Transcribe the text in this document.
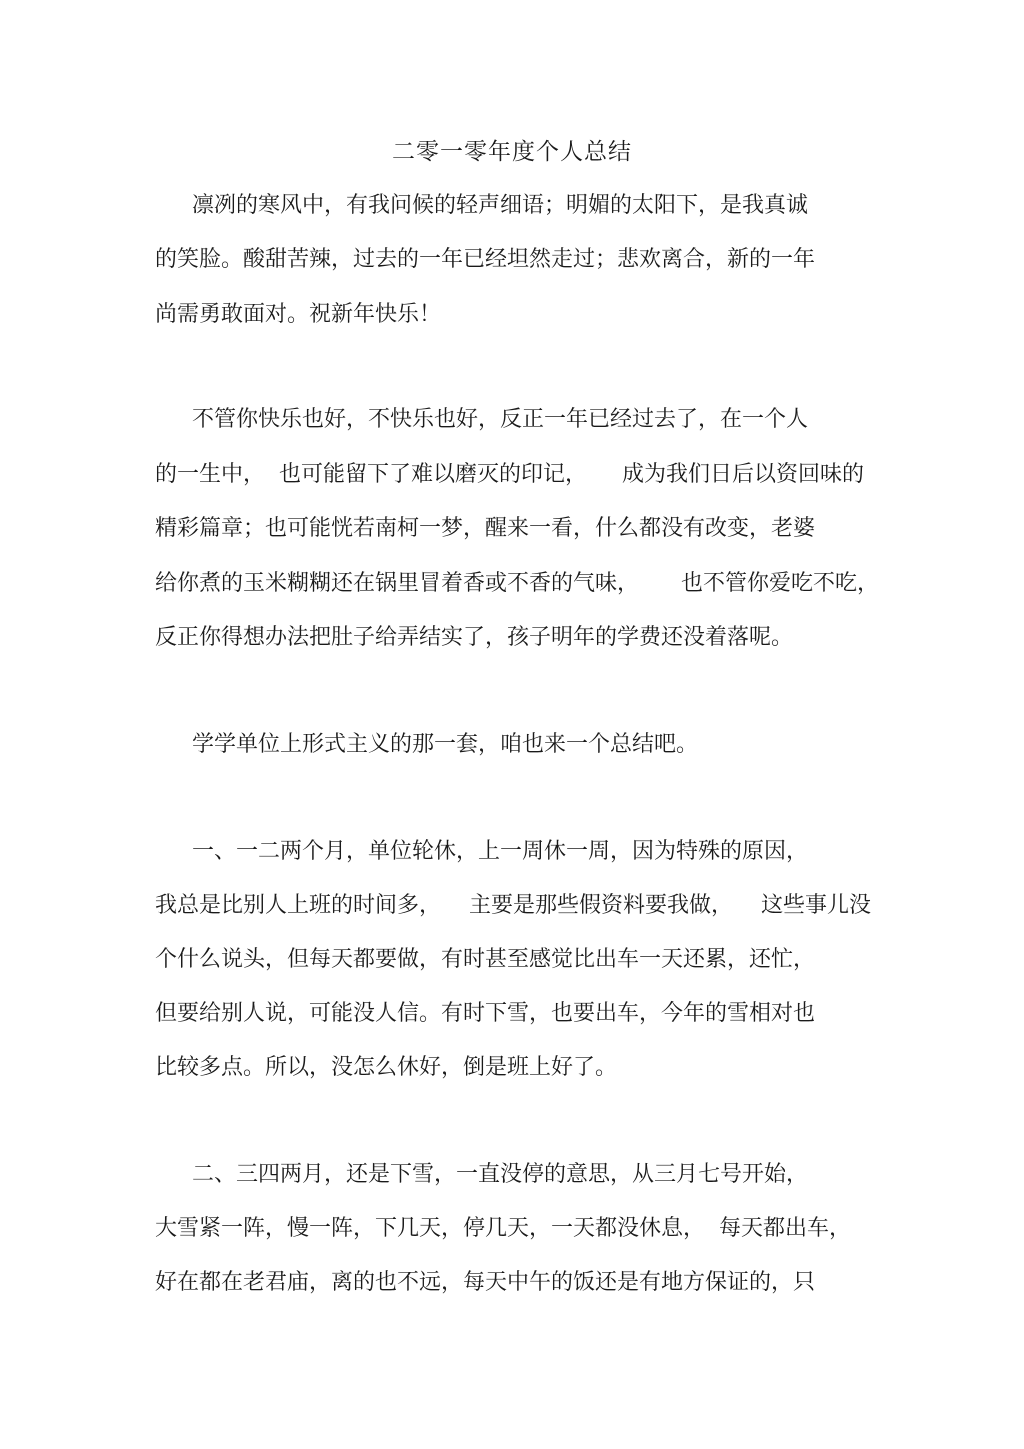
二零一零年度个人总结
凛冽的寒风中，有我问候的轻声细语；明媚的太阳下，是我真诚
的笑脸。酸甜苦辣，过去的一年已经坦然走过；悲欢离合，新的一年
尚需勇敢面对。祝新年快乐！
不管你快乐也好，不快乐也好，反正一年已经过去了，在一个人
的一生中，  也可能留下了难以磨灭的印记，     成为我们日后以资回味的
精彩篇章；也可能恍若南柯一梦，醒来一看，什么都没有改变，老婆
给你煮的玉米糊糊还在锅里冒着香或不香的气味，      也不管你爱吃不吃，
反正你得想办法把肚子给弄结实了，孩子明年的学费还没着落呢。
学学单位上形式主义的那一套，咱也来一个总结吧。
一、一二两个月，单位轮休，上一周休一周，因为特殊的原因，
我总是比别人上班的时间多，    主要是那些假资料要我做，    这些事儿没
个什么说头，但每天都要做，有时甚至感觉比出车一天还累，还忙，
但要给别人说，可能没人信。有时下雪，也要出车，今年的雪相对也
比较多点。所以，没怎么休好，倒是班上好了。
二、三四两月，还是下雪，一直没停的意思，从三月七号开始，
大雪紧一阵，慢一阵，下几天，停几天，一天都没休息，  每天都出车，
好在都在老君庙，离的也不远，每天中午的饭还是有地方保证的，只
